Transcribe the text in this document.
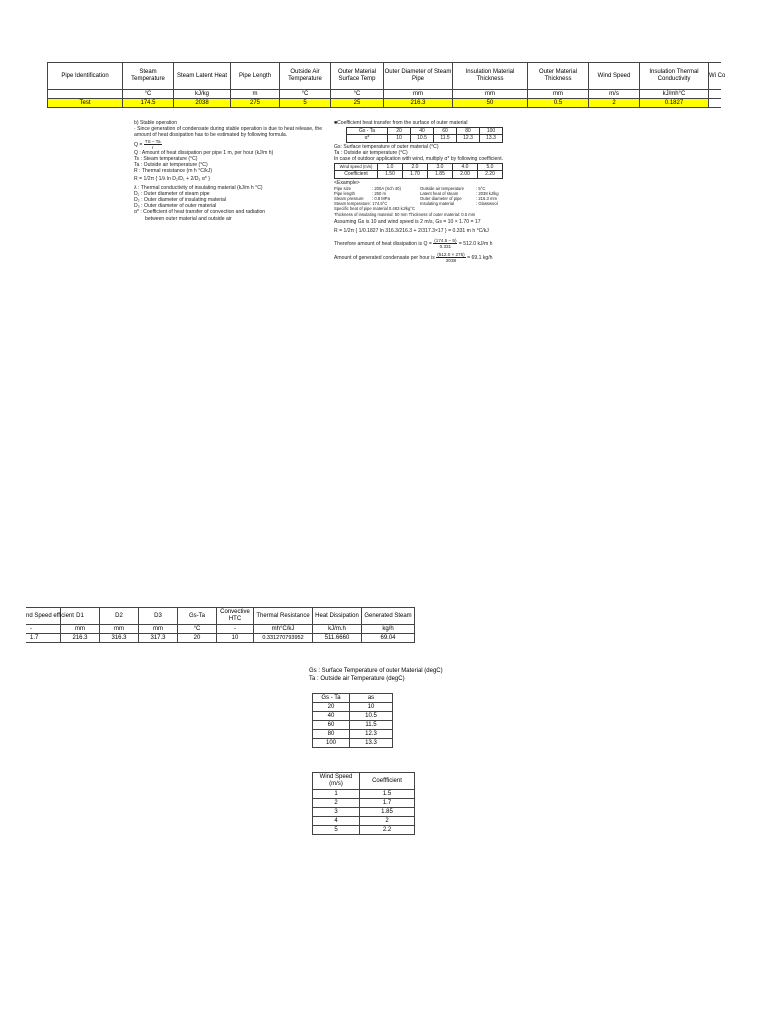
Pipe Identification	Steam Temperature	Steam Latent Heat	Pipe Length	Outside Air Temperature	Outer Material Surface Temp	Outer Diameter of Steam Pipe	Insulation Material Thickness	Outer Material Thickness	Wind Speed	Insulation Thermal Conductivity	Wi Co
	°C	kJ/kg	m	°C	°C	mm	mm	mm	m/s	kJ/mh°C	
Test	174.5	2038	275	5	25	216.3	50	0.5	2	0.1827	

b) Stable operation

· Since generation of condensate during stable operation is due to heat release, the amount of heat dissipation has to be estimated by following formula.

$Q = \frac{TS - Ta}{r}$

Q : Amount of heat dissipation per pipe 1 m, per hour (kJ/m h)

Ts : Steam temperature (°C)

Ta : Outside air temperature (°C)

R : Thermal resistance (m h °C/kJ)

R = 1/2π { 1/λ ln D₂/D₁ + 2/D₃ α* }

λ : Thermal conductivity of insulating material (kJ/m h °C)

D₁ : Outer diameter of steam pipe

D₂ : Outer diameter of insulating material

D₃ : Outer diameter of outer material

α* : Coefficient of heat transfer of convection and radiation

between outer material and outside air

■Coefficient heat transfer from the surface of outer material

Gs - Ta	20	40	60	80	100
α*	10	10.5	11.5	12.3	13.3

Gs: Surface temperature of outer material (°C)

Ta : Outside air temperature (°C)

In case of outdoor application with wind, multiply α* by following coefficient.

Wind speed (m/s)	1.0	2.0	3.0	4.0	5.0
Coefficient	1.50	1.70	1.85	2.00	2.20

<Example>

Pipe size	: 200A (Sch 40)	Outside air temperature	: 5°C
Pipe length	: 250 m	Latent heat of steam	: 2038 kJ/kg
Steam pressure	: 0.8 MPa	Outer diameter of pipe	: 216.3 mm
Steam temperature: 174.5°C		Insulating material	: Glasswool

Specific heat of pipe material 0.483 kJ/kg°C

Thickness of insulating material: 50 mm Thickness of outer material: 0.5 mm

Assuming Gs is 10 and wind speed is 2 m/s, Gs = 10 × 1.70 = 17

R = 1/2π { 1/0.1827 ln 316.3/216.3 + 2/317.3×17 } = 0.331 m h °C/kJ

Therefore amount of heat dissipation is $Q = \frac{(174.5 - 5)}{0.331} = 512.0$ kJ/m h

Amount of generated condensate per hour is $\frac{(512.0 \times 275)}{2038} = 69.1$ kg/h

nd Speed efficient	D1	D2	D3	Gs-Ta	Convective HTC	Thermal Resistance	Heat Dissipation	Generated Steam
-	mm	mm	mm	°C	-	mh°C/kJ	kJ/m.h	kg/h
1.7	216.3	316.3	317.3	20	10	0.331270793952	511.6660	69.04
Gs : Surface Temperature of outer Material (degC)
Ta : Outside air Temperature (degC)
Gs - Ta	as
20	10
40	10.5
60	11.5
80	12.3
100	13.3
Wind Speed (m/s)	Coeffficient
1	1.5
2	1.7
3	1.85
4	2
5	2.2
